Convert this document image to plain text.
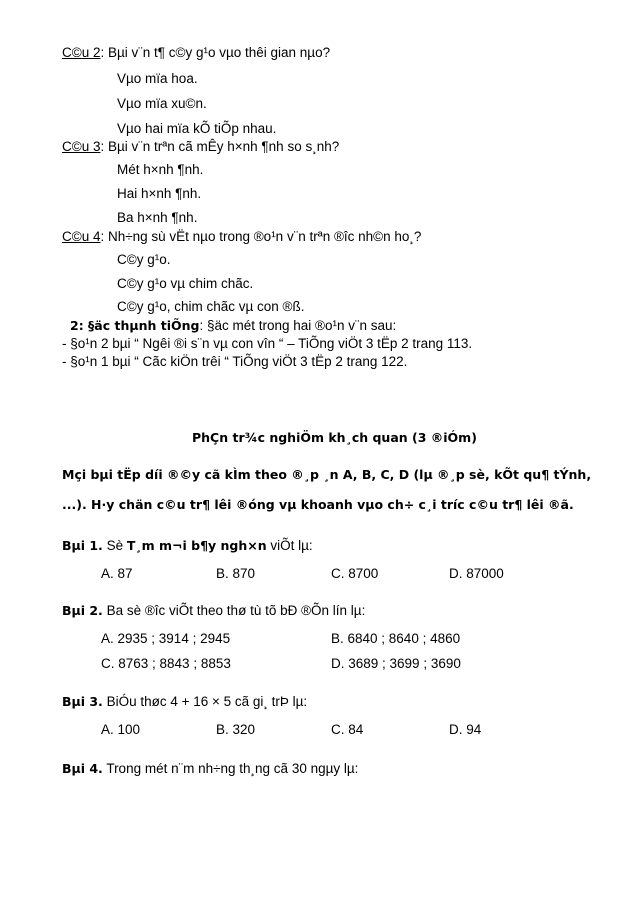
C©u 2: Bµi v¨n t¶ c©y g¹o vµo thêi gian nµo?
Vµo mïa hoa.
Vµo mïa xu©n.
Vµo hai mïa kÕ tiÕp nhau.
C©u 3: Bµi v¨n trªn cã mÊy h×nh ¶nh so s¸nh?
Mét h×nh ¶nh.
Hai h×nh ¶nh.
Ba h×nh ¶nh.
C©u 4: Nh÷ng sù vËt nµo trong ®o¹n v¨n trªn ®îc nh©n ho¸?
C©y g¹o.
C©y g¹o vµ chim chãc.
C©y g¹o, chim chãc vµ con ®ß.
2: §äc thµnh tiÕng: §äc mét trong hai ®o¹n v¨n sau:
- §o¹n 2 bµi “ Ngêi ®i s¨n vµ con vîn “ – TiÕng viÖt 3 tËp 2 trang 113.
- §o¹n 1 bµi “ Cãc kiÖn trêi “ TiÕng viÖt 3 tËp 2 trang 122.
PhÇn tr¾c nghiÖm kh¸ch quan (3 ®iÓm)
Mçi bµi tËp díi ®©y cã kÌm theo ®¸p ¸n A, B, C, D (lµ ®¸p sè, kÕt qu¶ tÝnh,
...). H·y chän c©u tr¶ lêi ®óng vµ khoanh vµo ch÷ c¸i tríc c©u tr¶ lêi ®ã.
Bµi 1. Sè T¸m m¬i b¶y ngh×n viÕt lµ:
A. 87	B. 870	C. 8700	D. 87000
Bµi 2. Ba sè ®îc viÕt theo thø tù tõ bÐ ®Õn lín lµ:
A. 2935 ; 3914 ; 2945	B. 6840 ; 8640 ; 4860
C. 8763 ; 8843 ; 8853	D. 3689 ; 3699 ; 3690
Bµi 3. BiÓu thøc 4 + 16 × 5 cã gi¸ trÞ lµ:
A. 100	B. 320	C. 84	D. 94
Bµi 4. Trong mét n¨m nh÷ng th¸ng cã 30 ngµy lµ:
